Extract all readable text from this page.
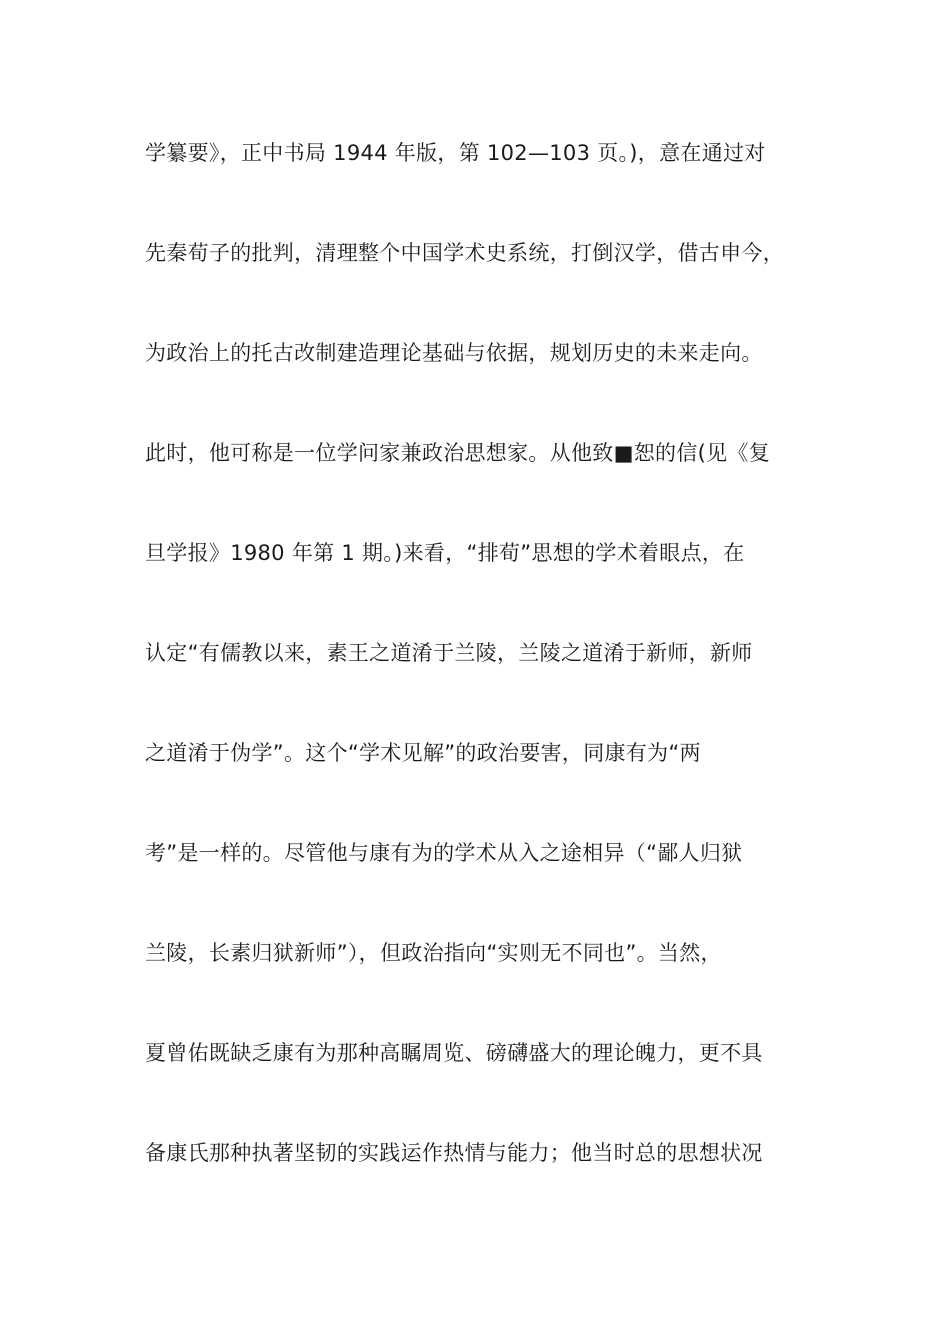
学纂要》，正中书局 1944 年版，第 102—103 页。)，意在通过对
先秦荀子的批判，清理整个中国学术史系统，打倒汉学，借古申今，
为政治上的托古改制建造理论基础与依据，规划历史的未来走向。
此时，他可称是一位学问家兼政治思想家。从他致■恕的信(见《复
旦学报》1980 年第 1 期。)来看，“排荀”思想的学术着眼点，在
认定“有儒教以来，素王之道淆于兰陵，兰陵之道淆于新师，新师
之道淆于伪学”。这个“学术见解”的政治要害，同康有为“两
考”是一样的。尽管他与康有为的学术从入之途相异（“鄙人归狱
兰陵，长素归狱新师”），但政治指向“实则无不同也”。当然，
夏曾佑既缺乏康有为那种高瞩周览、磅礴盛大的理论魄力，更不具
备康氏那种执著坚韧的实践运作热情与能力；他当时总的思想状况
